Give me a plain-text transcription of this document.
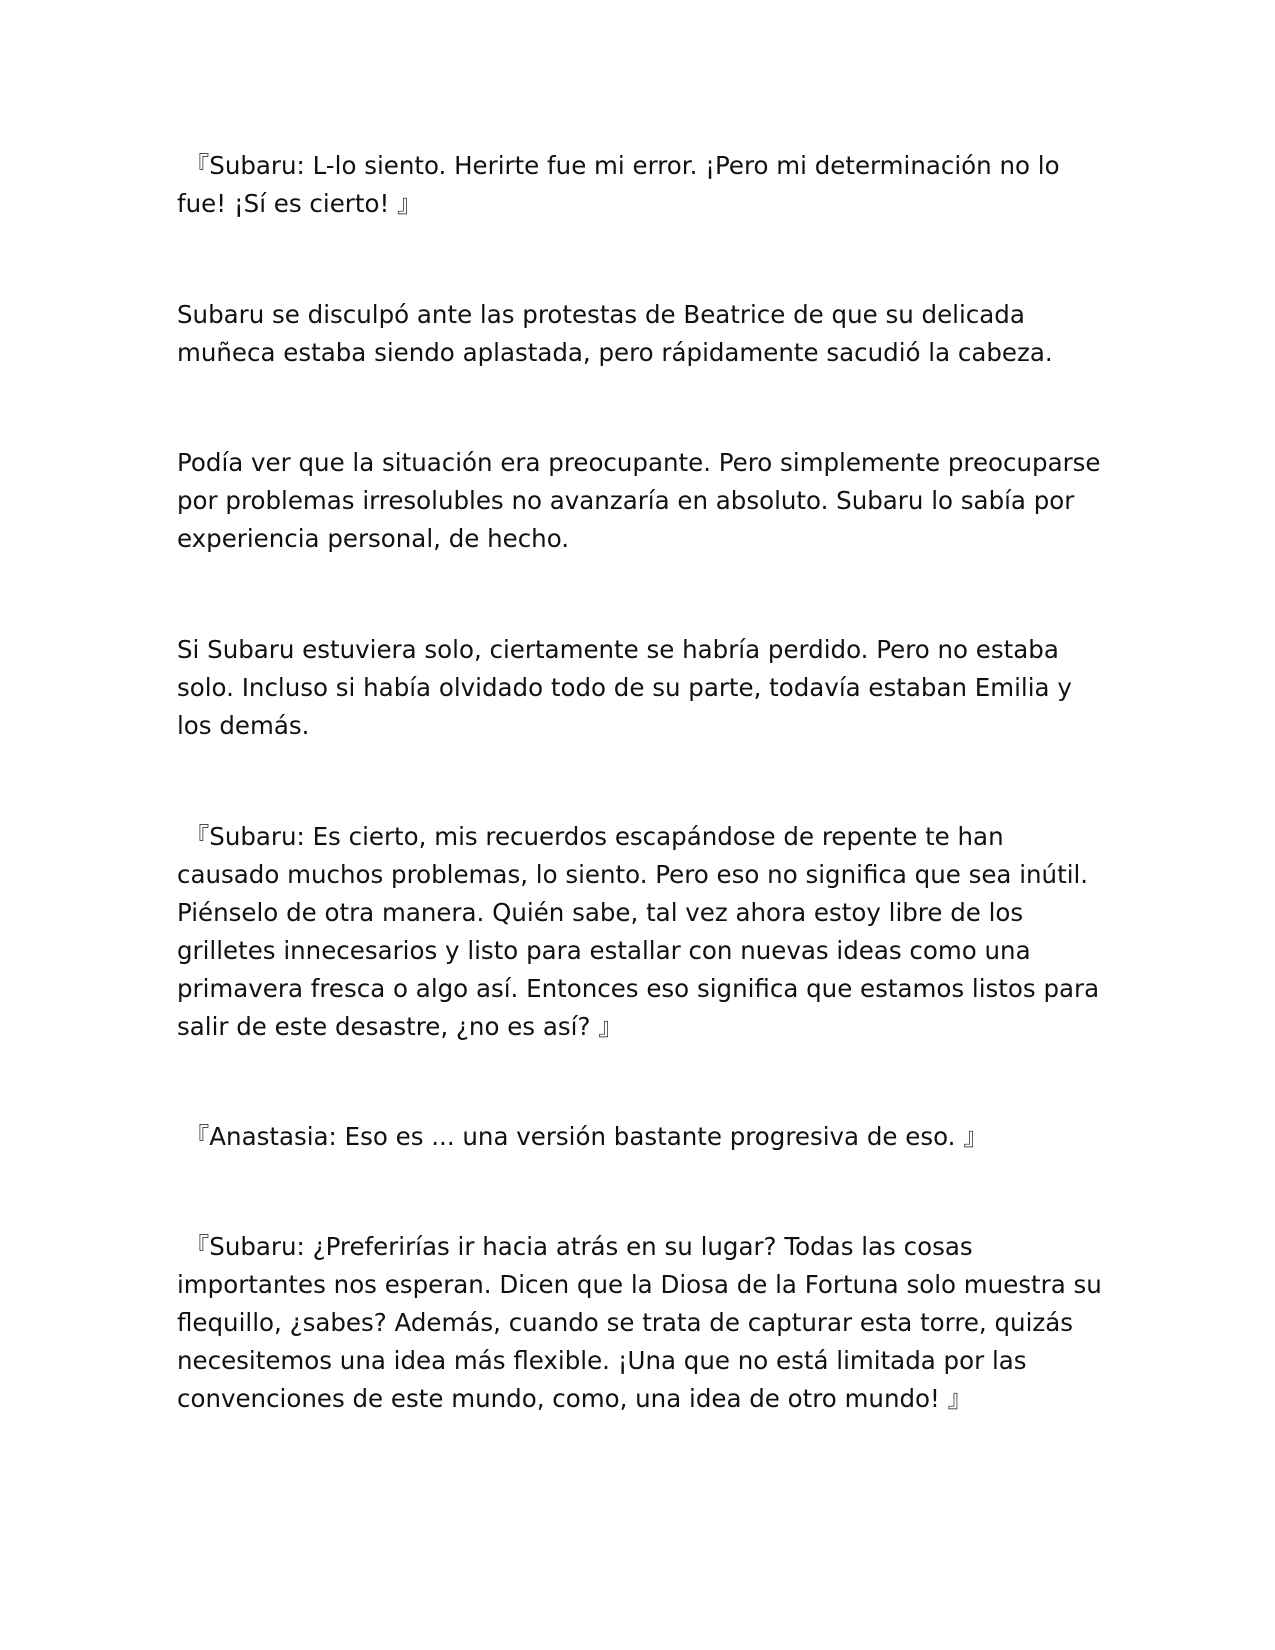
『Subaru: L-lo siento. Herirte fue mi error. ¡Pero mi determinación no lo fue! ¡Sí es cierto! 』

Subaru se disculpó ante las protestas de Beatrice de que su delicada muñeca estaba siendo aplastada, pero rápidamente sacudió la cabeza.

Podía ver que la situación era preocupante. Pero simplemente preocuparse por problemas irresolubles no avanzaría en absoluto. Subaru lo sabía por experiencia personal, de hecho.

Si Subaru estuviera solo, ciertamente se habría perdido. Pero no estaba solo. Incluso si había olvidado todo de su parte, todavía estaban Emilia y los demás.

『Subaru: Es cierto, mis recuerdos escapándose de repente te han causado muchos problemas, lo siento. Pero eso no significa que sea inútil. Piénselo de otra manera. Quién sabe, tal vez ahora estoy libre de los grilletes innecesarios y listo para estallar con nuevas ideas como una primavera fresca o algo así. Entonces eso significa que estamos listos para salir de este desastre, ¿no es así? 』

『Anastasia: Eso es ... una versión bastante progresiva de eso. 』

『Subaru: ¿Preferirías ir hacia atrás en su lugar? Todas las cosas importantes nos esperan. Dicen que la Diosa de la Fortuna solo muestra su flequillo, ¿sabes? Además, cuando se trata de capturar esta torre, quizás necesitemos una idea más flexible. ¡Una que no está limitada por las convenciones de este mundo, como, una idea de otro mundo! 』
